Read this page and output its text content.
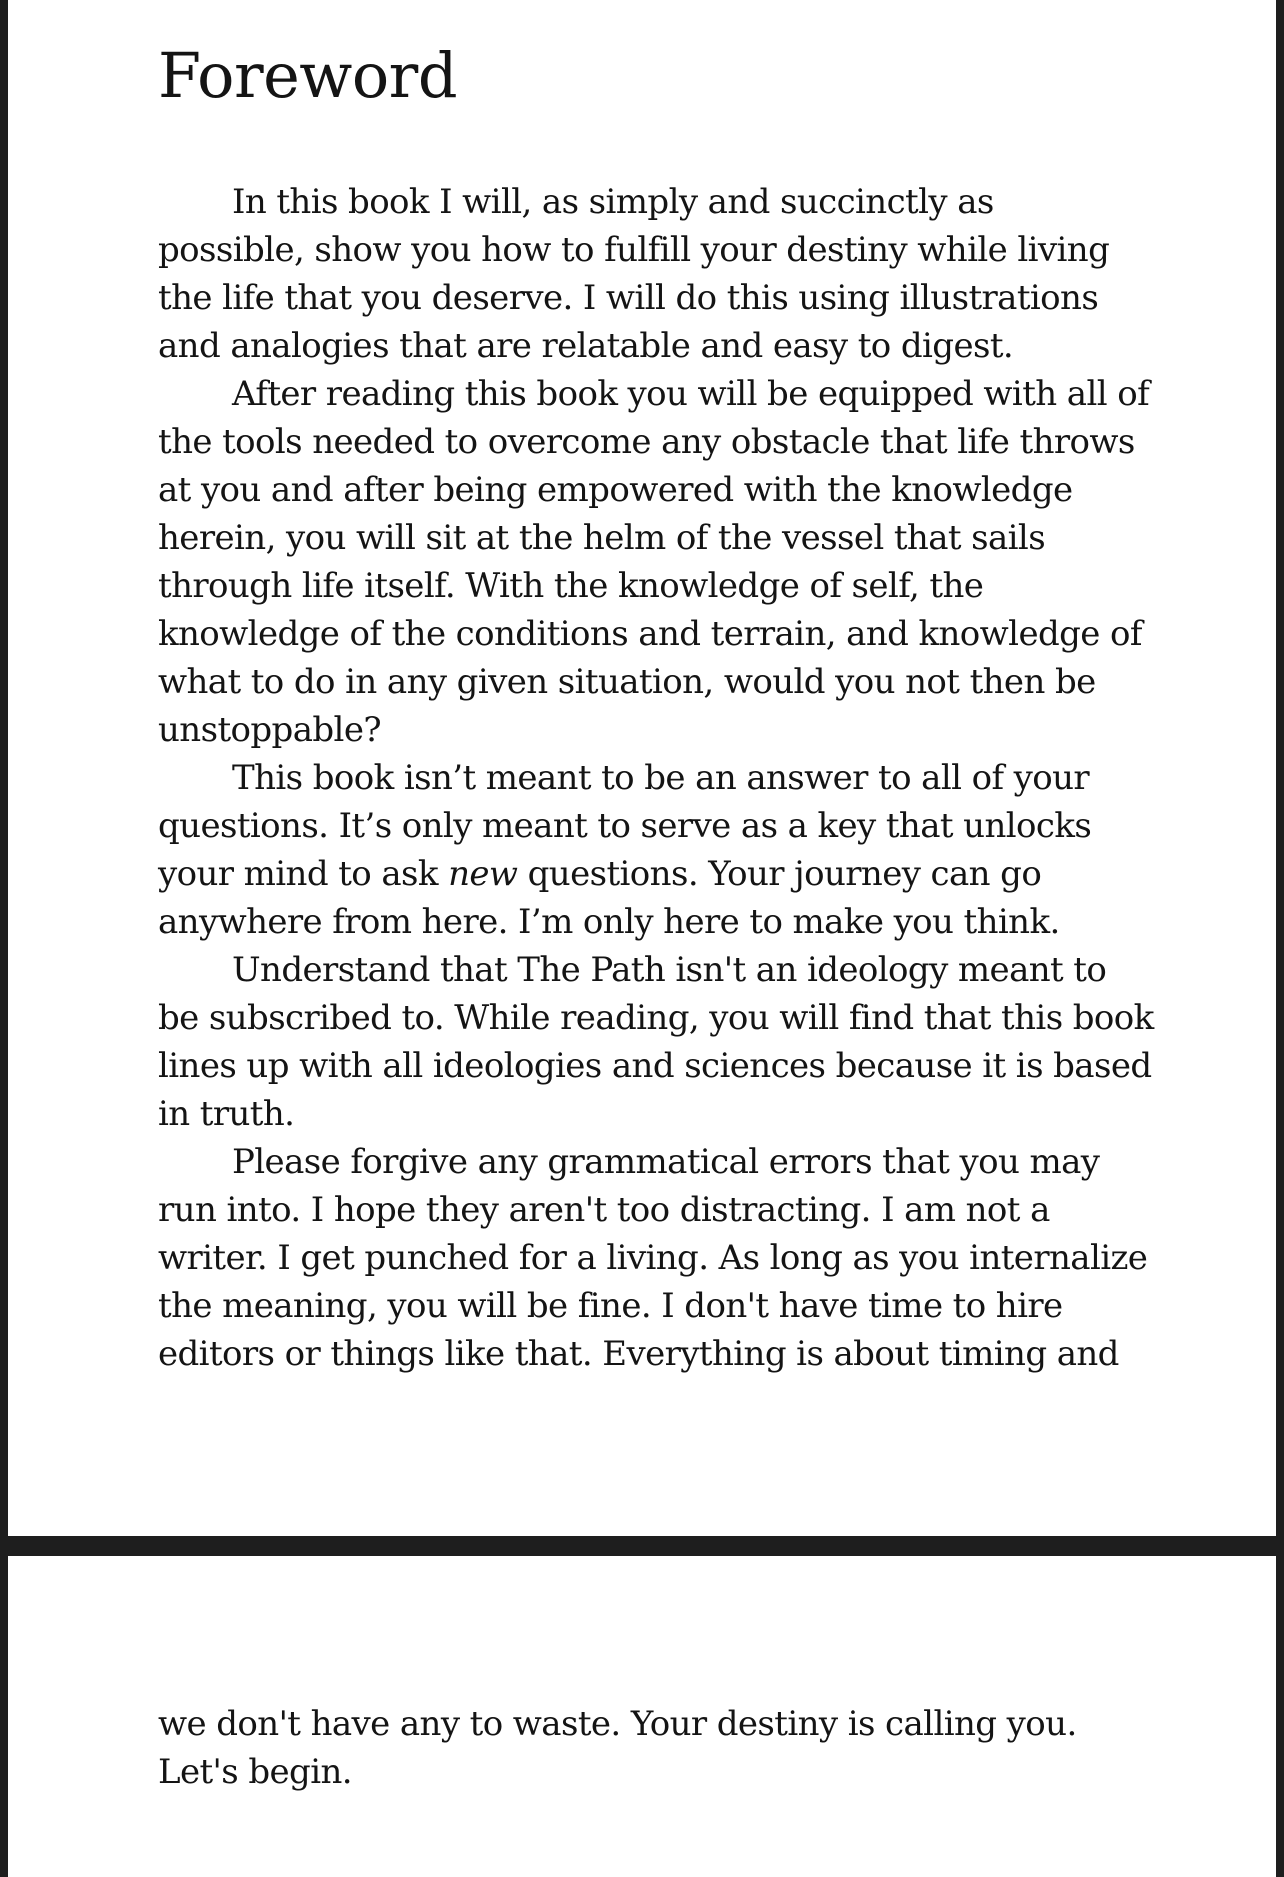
Foreword
In this book I will, as simply and succinctly as
possible, show you how to fulfill your destiny while living
the life that you deserve. I will do this using illustrations
and analogies that are relatable and easy to digest.
After reading this book you will be equipped with all of
the tools needed to overcome any obstacle that life throws
at you and after being empowered with the knowledge
herein, you will sit at the helm of the vessel that sails
through life itself. With the knowledge of self, the
knowledge of the conditions and terrain, and knowledge of
what to do in any given situation, would you not then be
unstoppable?
This book isn’t meant to be an answer to all of your
questions. It’s only meant to serve as a key that unlocks
your mind to ask new questions. Your journey can go
anywhere from here. I’m only here to make you think.
Understand that The Path isn't an ideology meant to
be subscribed to. While reading, you will find that this book
lines up with all ideologies and sciences because it is based
in truth.
Please forgive any grammatical errors that you may
run into. I hope they aren't too distracting. I am not a
writer. I get punched for a living. As long as you internalize
the meaning, you will be fine. I don't have time to hire
editors or things like that. Everything is about timing and
we don't have any to waste. Your destiny is calling you.
Let's begin.
